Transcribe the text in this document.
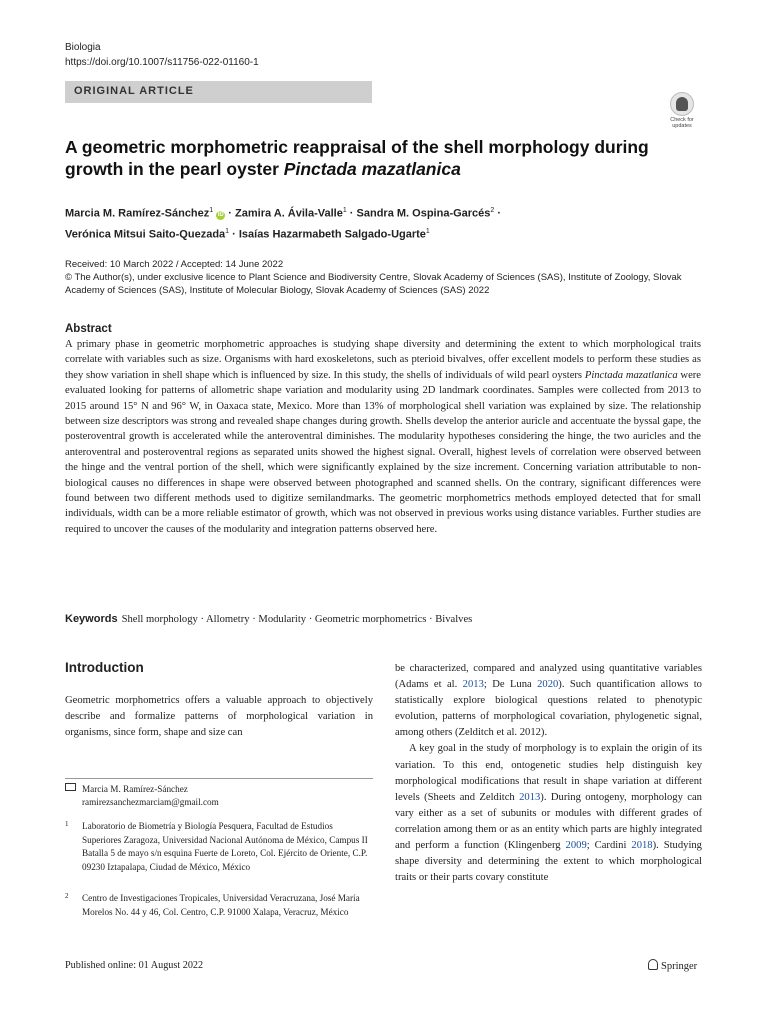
Biologia
https://doi.org/10.1007/s11756-022-01160-1
ORIGINAL ARTICLE
Check for updates
A geometric morphometric reappraisal of the shell morphology during growth in the pearl oyster Pinctada mazatlanica
Marcia M. Ramírez-Sánchez$^1$ iD · Zamira A. Ávila-Valle$^1$ · Sandra M. Ospina-Garcés$^2$ ·
Verónica Mitsui Saito-Quezada$^1$ · Isaías Hazarmabeth Salgado-Ugarte$^1$
Received: 10 March 2022 / Accepted: 14 June 2022
© The Author(s), under exclusive licence to Plant Science and Biodiversity Centre, Slovak Academy of Sciences (SAS), Institute of Zoology, Slovak Academy of Sciences (SAS), Institute of Molecular Biology, Slovak Academy of Sciences (SAS) 2022
Abstract
A primary phase in geometric morphometric approaches is studying shape diversity and determining the extent to which morphological traits correlate with variables such as size. Organisms with hard exoskeletons, such as pterioid bivalves, offer excellent models to perform these studies as they show variation in shell shape which is influenced by size. In this study, the shells of individuals of wild pearl oysters Pinctada mazatlanica were evaluated looking for patterns of allometric shape variation and modularity using 2D landmark coordinates. Samples were collected from 2013 to 2015 around 15° N and 96° W, in Oaxaca state, Mexico. More than 13% of morphological shell variation was explained by size. The relationship between size descriptors was strong and revealed shape changes during growth. Shells develop the anterior auricle and accentuate the byssal gape, the posteroventral growth is accelerated while the anteroventral diminishes. The modularity hypotheses considering the hinge, the two auricles and the anteroventral and posteroventral regions as separated units showed the highest signal. Overall, highest levels of correlation were observed between the hinge and the ventral portion of the shell, which were significantly explained by the size increment. Concerning variation attributable to non-biological causes no differences in shape were observed between photographed and scanned shells. On the contrary, significant differences were found between two different methods used to digitize semilandmarks. The geometric morphometrics methods employed detected that for small individuals, width can be a more reliable estimator of growth, which was not observed in previous works using distance variables. Further studies are required to uncover the causes of the modularity and integration patterns observed here.
Keywords Shell morphology · Allometry · Modularity · Geometric morphometrics · Bivalves
Introduction
Geometric morphometrics offers a valuable approach to objectively describe and formalize patterns of morphological variation in organisms, since form, shape and size can
Marcia M. Ramírez-Sánchez
ramirezsanchezmarciam@gmail.com
1 Laboratorio de Biometría y Biología Pesquera, Facultad de Estudios Superiores Zaragoza, Universidad Nacional Autónoma de México, Campus II Batalla 5 de mayo s/n esquina Fuerte de Loreto, Col. Ejército de Oriente, C.P. 09230 Iztapalapa, Ciudad de México, México
2 Centro de Investigaciones Tropicales, Universidad Veracruzana, José María Morelos No. 44 y 46, Col. Centro, C.P. 91000 Xalapa, Veracruz, México

be characterized, compared and analyzed using quantitative variables (Adams et al. 2013; De Luna 2020). Such quantification allows to statistically explore biological questions related to phenotypic evolution, patterns of morphological covariation, phylogenetic signal, among others (Zelditch et al. 2012).

A key goal in the study of morphology is to explain the origin of its variation. To this end, ontogenetic studies help distinguish key morphological modifications that result in shape variation at different levels (Sheets and Zelditch 2013). During ontogeny, morphology can vary either as a set of subunits or modules with different grades of correlation among them or as an entity which parts are highly integrated and perform a function (Klingenberg 2009; Cardini 2018). Studying shape diversity and determining the extent to which morphological traits or their parts covary constitute

Published online: 01 August 2022	Springer
